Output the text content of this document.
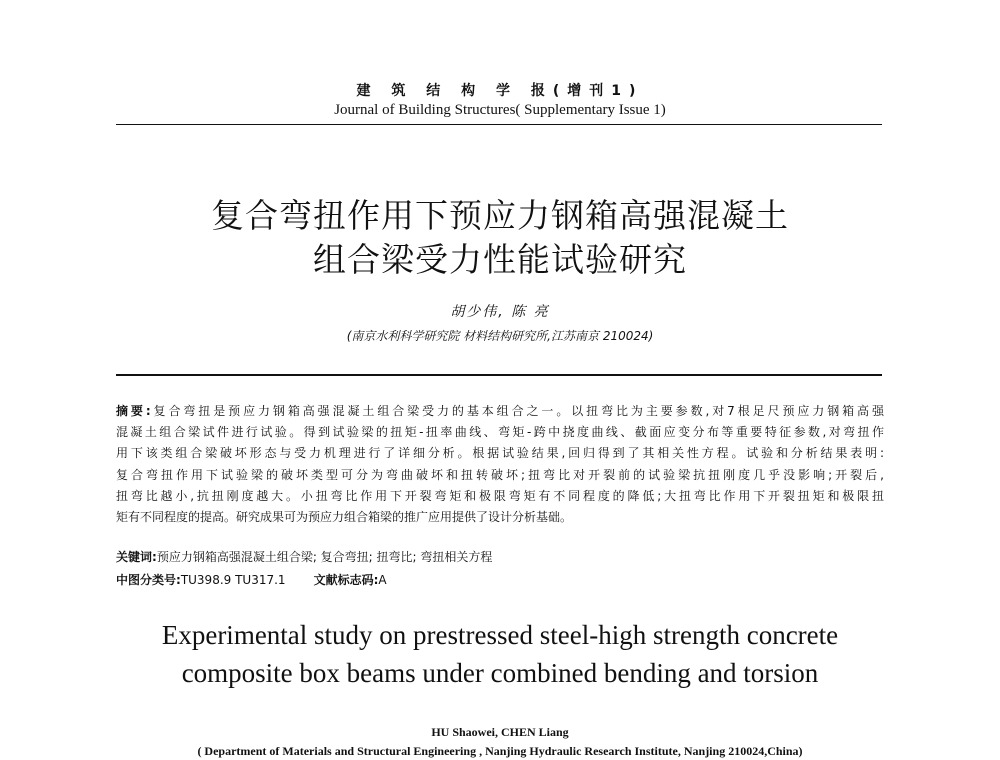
建 筑 结 构 学 报(增刊1)
Journal of Building Structures( Supplementary Issue 1)
复合弯扭作用下预应力钢箱高强混凝土
组合梁受力性能试验研究
胡少伟, 陈 亮
(南京水利科学研究院 材料结构研究所,江苏南京 210024)
摘要:复合弯扭是预应力钢箱高强混凝土组合梁受力的基本组合之一。以扭弯比为主要参数,对7根足尺预应力钢箱高强
混凝土组合梁试件进行试验。得到试验梁的扭矩-扭率曲线、弯矩-跨中挠度曲线、截面应变分布等重要特征参数,对弯扭作
用下该类组合梁破坏形态与受力机理进行了详细分析。根据试验结果,回归得到了其相关性方程。试验和分析结果表明:
复合弯扭作用下试验梁的破坏类型可分为弯曲破坏和扭转破坏;扭弯比对开裂前的试验梁抗扭刚度几乎没影响;开裂后,
扭弯比越小,抗扭刚度越大。小扭弯比作用下开裂弯矩和极限弯矩有不同程度的降低;大扭弯比作用下开裂扭矩和极限扭
矩有不同程度的提高。研究成果可为预应力组合箱梁的推广应用提供了设计分析基础。
关键词:预应力钢箱高强混凝土组合梁; 复合弯扭; 扭弯比; 弯扭相关方程
中图分类号:TU398.9 TU317.1 文献标志码:A
Experimental study on prestressed steel-high strength concrete
composite box beams under combined bending and torsion
HU Shaowei, CHEN Liang
( Department of Materials and Structural Engineering , Nanjing Hydraulic Research Institute, Nanjing 210024,China)
